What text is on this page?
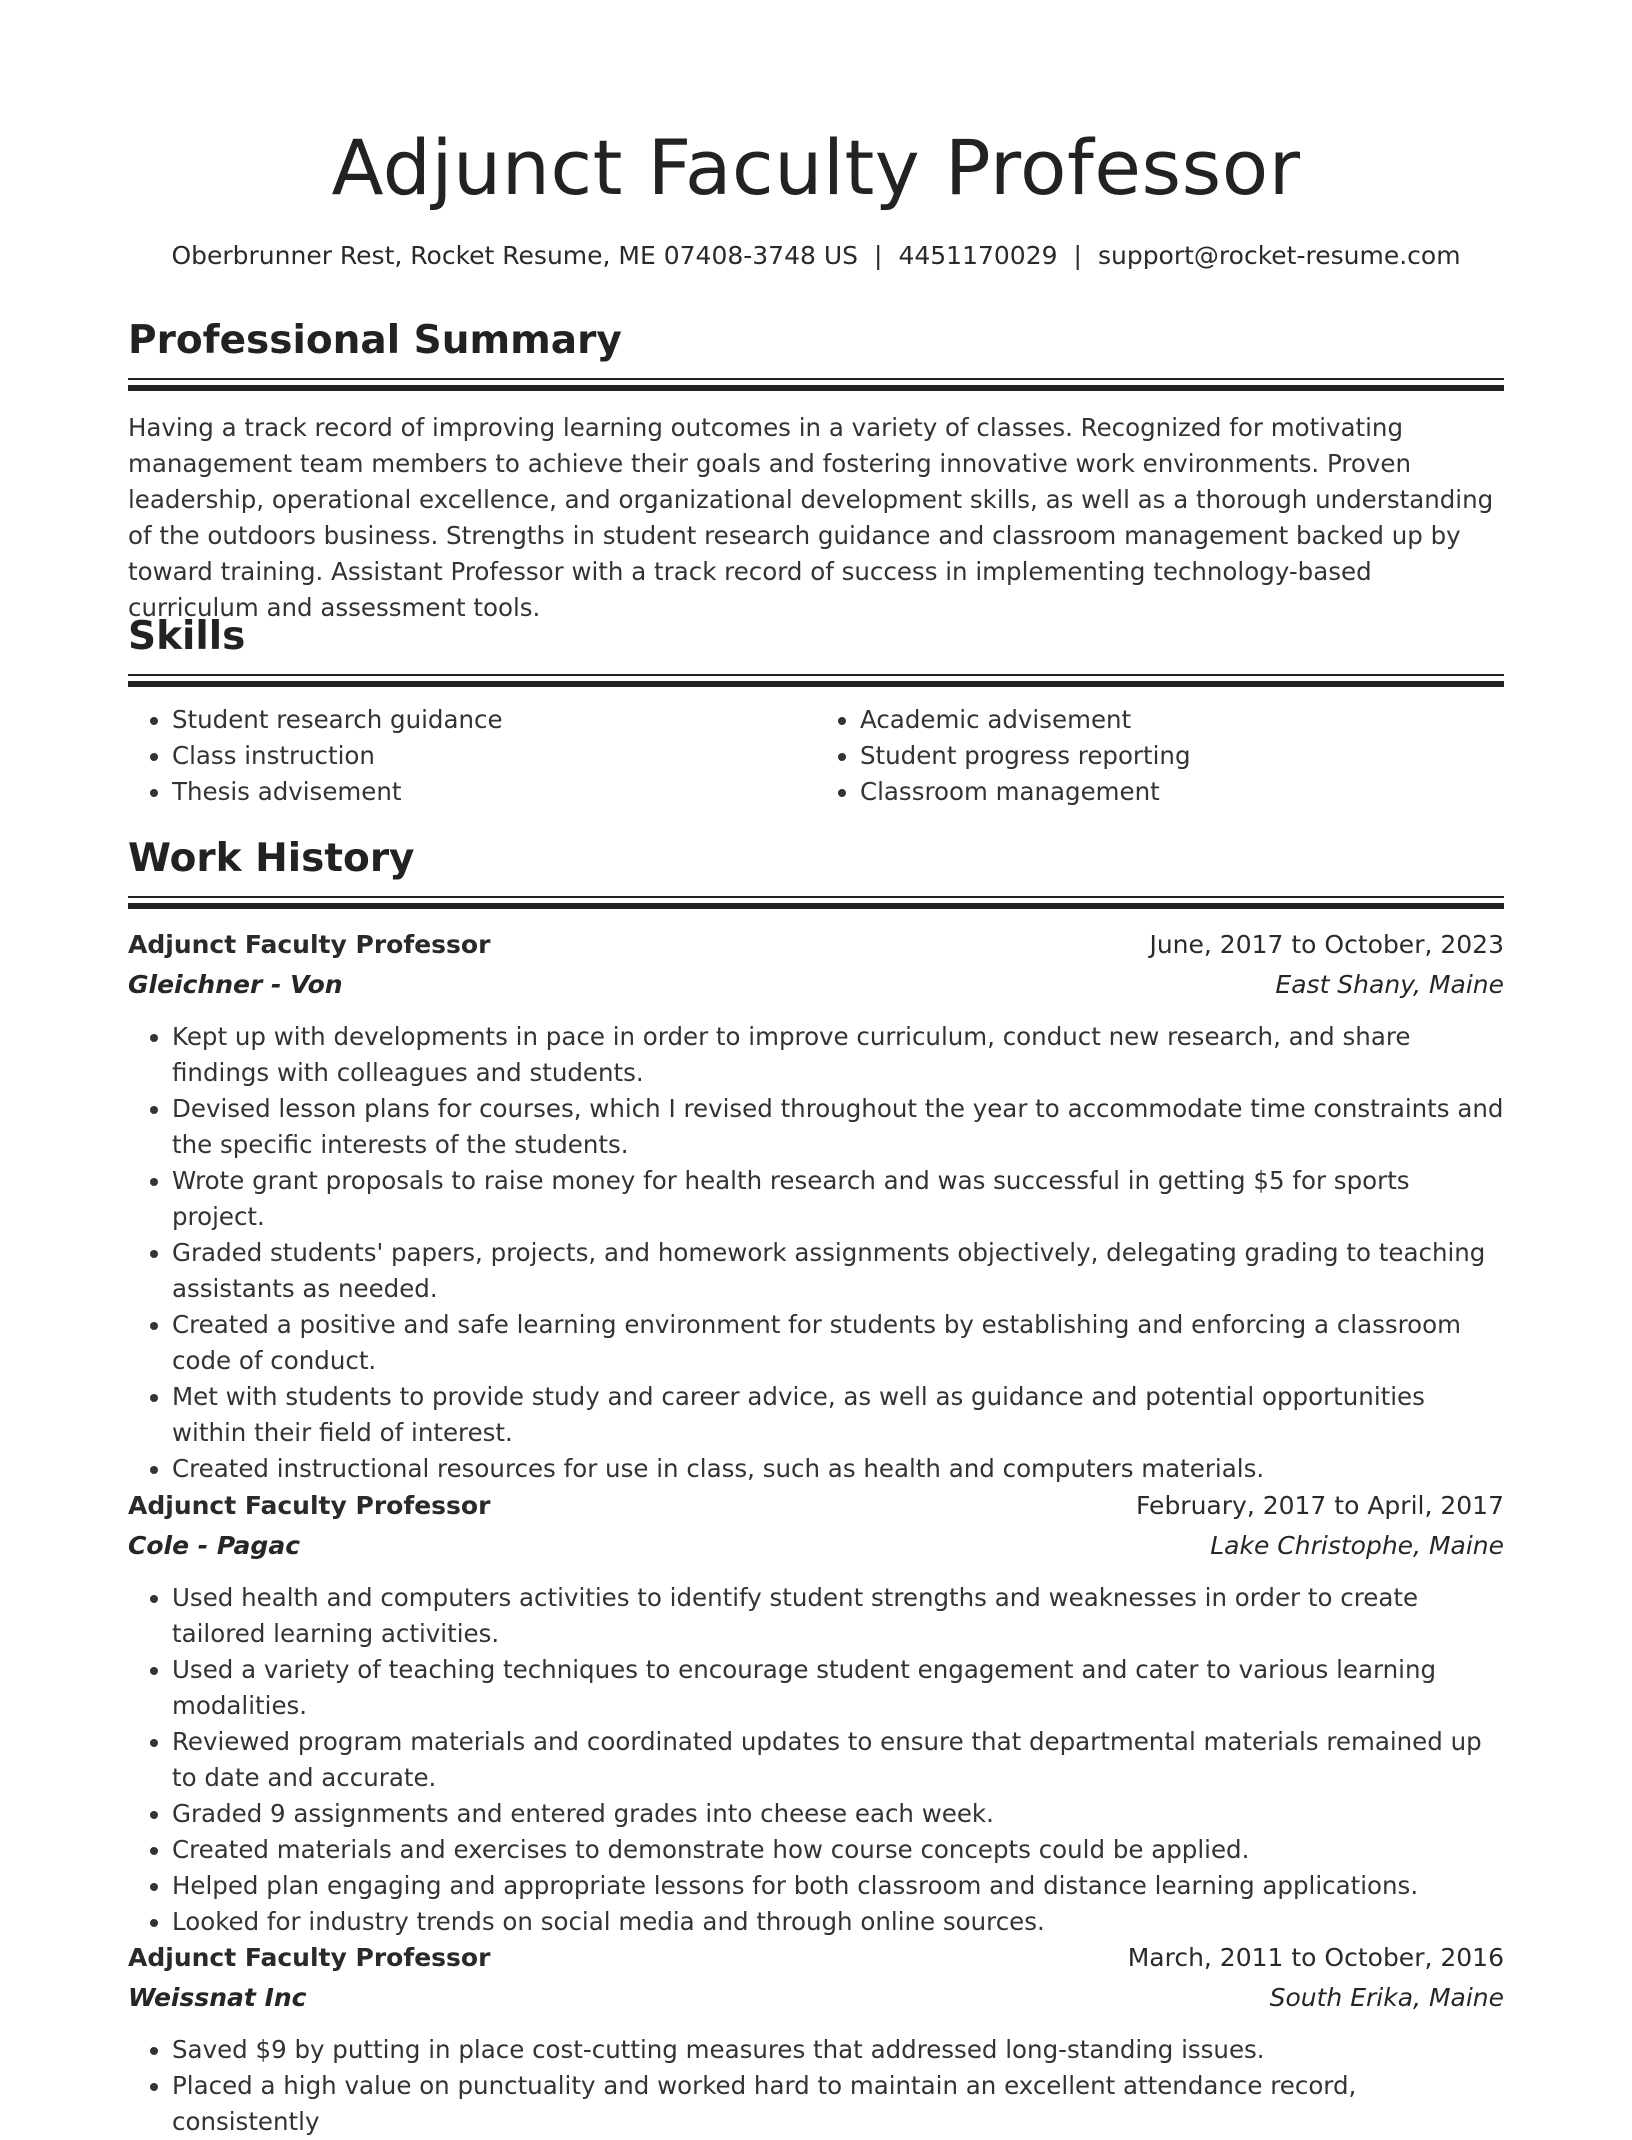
Adjunct Faculty Professor
Oberbrunner Rest, Rocket Resume, ME 07408-3748 US | 4451170029 | support@rocket-resume.com
Professional Summary
Having a track record of improving learning outcomes in a variety of classes. Recognized for motivating management team members to achieve their goals and fostering innovative work environments. Proven leadership, operational excellence, and organizational development skills, as well as a thorough understanding of the outdoors business. Strengths in student research guidance and classroom management backed up by toward training. Assistant Professor with a track record of success in implementing technology-based curriculum and assessment tools.
Skills
• Student research guidance
• Class instruction
• Thesis advisement
• Academic advisement
• Student progress reporting
• Classroom management
Work History
Adjunct Faculty Professor	June, 2017 to October, 2023
Gleichner - Von	East Shany, Maine
• Kept up with developments in pace in order to improve curriculum, conduct new research, and share findings with colleagues and students.
• Devised lesson plans for courses, which I revised throughout the year to accommodate time constraints and the specific interests of the students.
• Wrote grant proposals to raise money for health research and was successful in getting $5 for sports project.
• Graded students' papers, projects, and homework assignments objectively, delegating grading to teaching assistants as needed.
• Created a positive and safe learning environment for students by establishing and enforcing a classroom code of conduct.
• Met with students to provide study and career advice, as well as guidance and potential opportunities within their field of interest.
• Created instructional resources for use in class, such as health and computers materials.
Adjunct Faculty Professor	February, 2017 to April, 2017
Cole - Pagac	Lake Christophe, Maine
• Used health and computers activities to identify student strengths and weaknesses in order to create tailored learning activities.
• Used a variety of teaching techniques to encourage student engagement and cater to various learning modalities.
• Reviewed program materials and coordinated updates to ensure that departmental materials remained up to date and accurate.
• Graded 9 assignments and entered grades into cheese each week.
• Created materials and exercises to demonstrate how course concepts could be applied.
• Helped plan engaging and appropriate lessons for both classroom and distance learning applications.
• Looked for industry trends on social media and through online sources.
Adjunct Faculty Professor	March, 2011 to October, 2016
Weissnat Inc	South Erika, Maine
• Saved $9 by putting in place cost-cutting measures that addressed long-standing issues.
• Placed a high value on punctuality and worked hard to maintain an excellent attendance record, consistently
